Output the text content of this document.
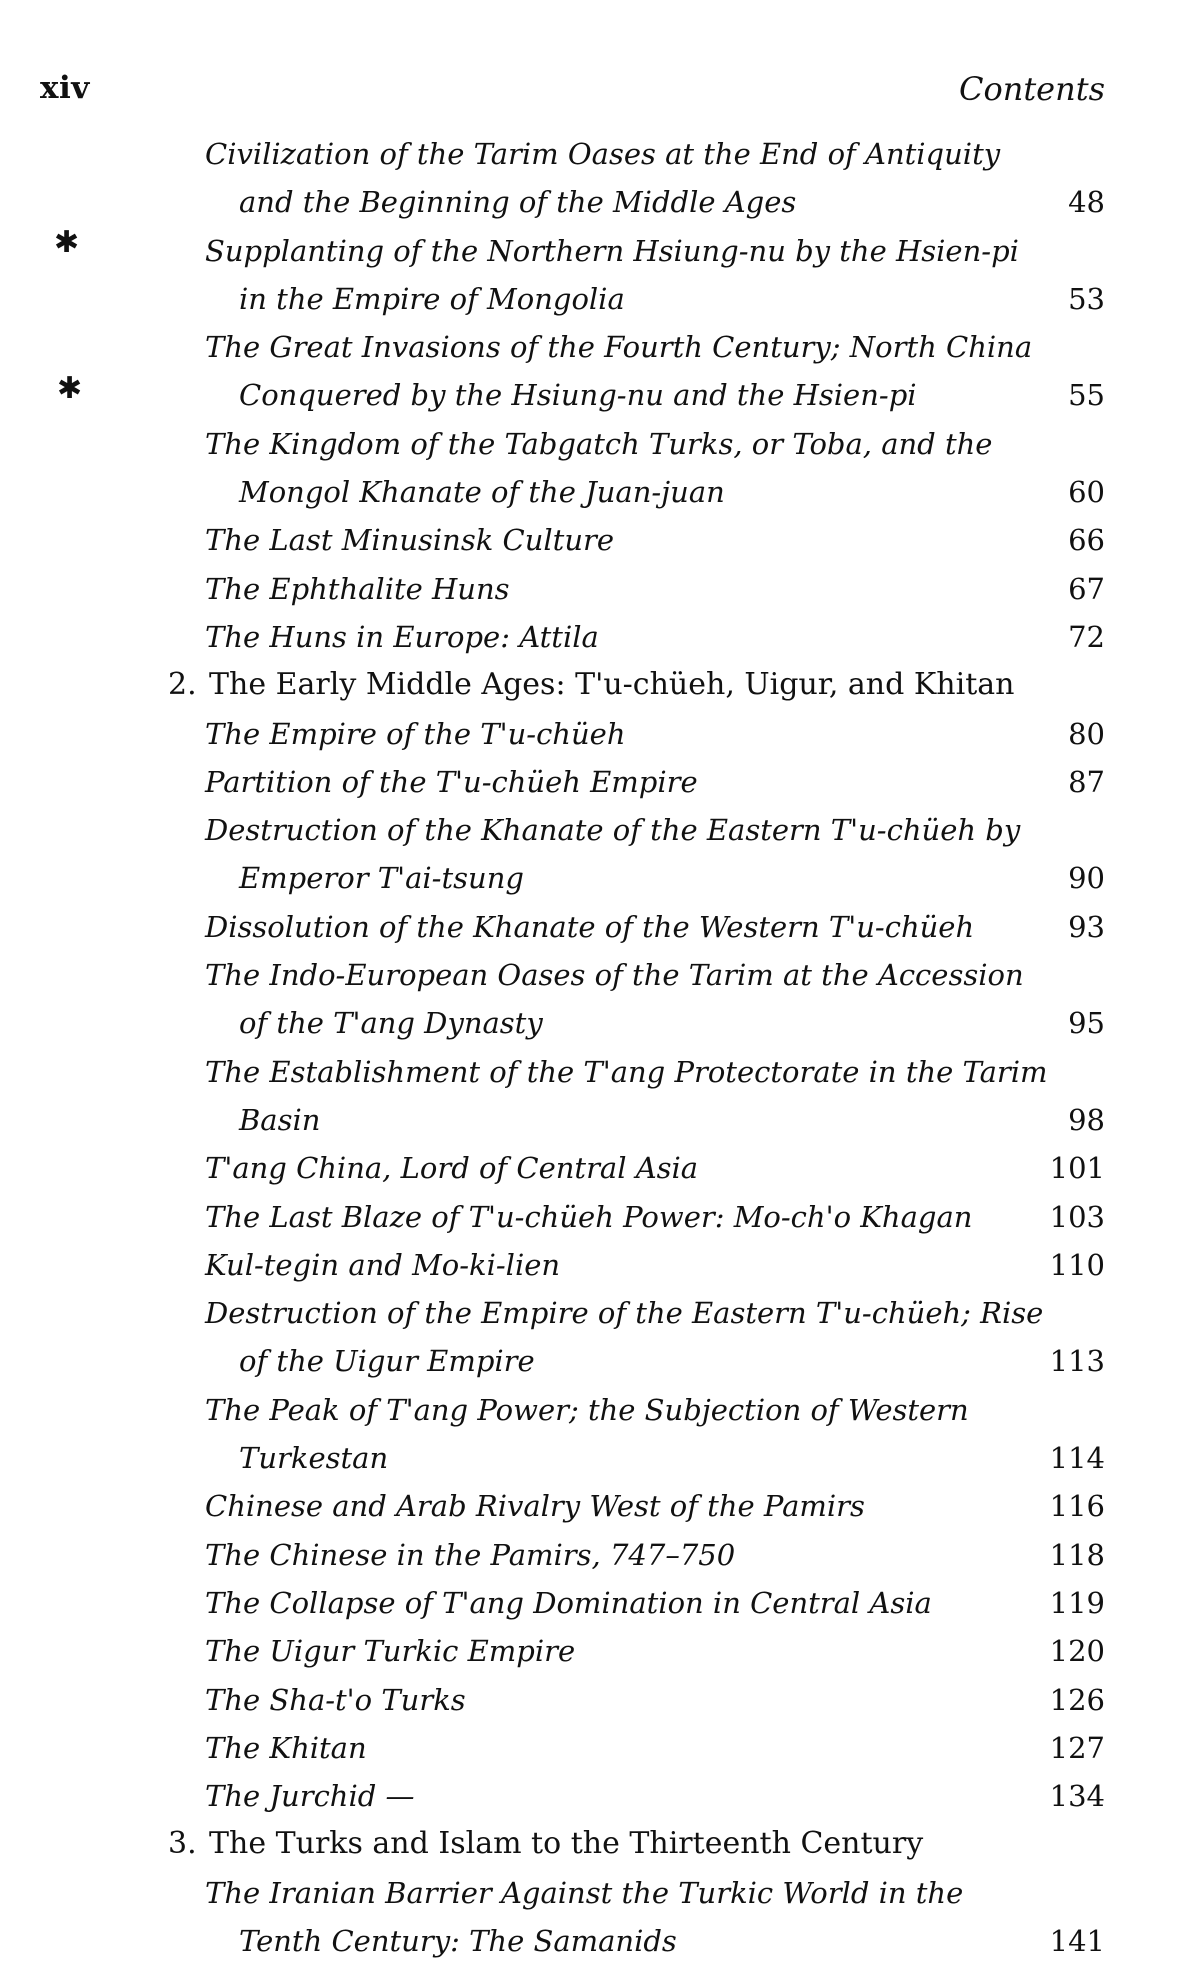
xiv	Contents
✱
✱
Civilization of the Tarim Oases at the End of Antiquity
and the Beginning of the Middle Ages	48
Supplanting of the Northern Hsiung-nu by the Hsien-pi
in the Empire of Mongolia	53
The Great Invasions of the Fourth Century; North China
Conquered by the Hsiung-nu and the Hsien-pi	55
The Kingdom of the Tabgatch Turks, or Toba, and the
Mongol Khanate of the Juan-juan	60
The Last Minusinsk Culture	66
The Ephthalite Huns	67
The Huns in Europe: Attila	72
2. The Early Middle Ages: T'u-chüeh, Uigur, and Khitan
The Empire of the T'u-chüeh	80
Partition of the T'u-chüeh Empire	87
Destruction of the Khanate of the Eastern T'u-chüeh by
Emperor T'ai-tsung	90
Dissolution of the Khanate of the Western T'u-chüeh	93
The Indo-European Oases of the Tarim at the Accession
of the T'ang Dynasty	95
The Establishment of the T'ang Protectorate in the Tarim
Basin	98
T'ang China, Lord of Central Asia	101
The Last Blaze of T'u-chüeh Power: Mo-ch'o Khagan	103
Kul-tegin and Mo-ki-lien	110
Destruction of the Empire of the Eastern T'u-chüeh; Rise
of the Uigur Empire	113
The Peak of T'ang Power; the Subjection of Western
Turkestan	114
Chinese and Arab Rivalry West of the Pamirs	116
The Chinese in the Pamirs, 747–750	118
The Collapse of T'ang Domination in Central Asia	119
The Uigur Turkic Empire	120
The Sha-t'o Turks	126
The Khitan	127
The Jurchid —	134
3. The Turks and Islam to the Thirteenth Century
The Iranian Barrier Against the Turkic World in the
Tenth Century: The Samanids	141
